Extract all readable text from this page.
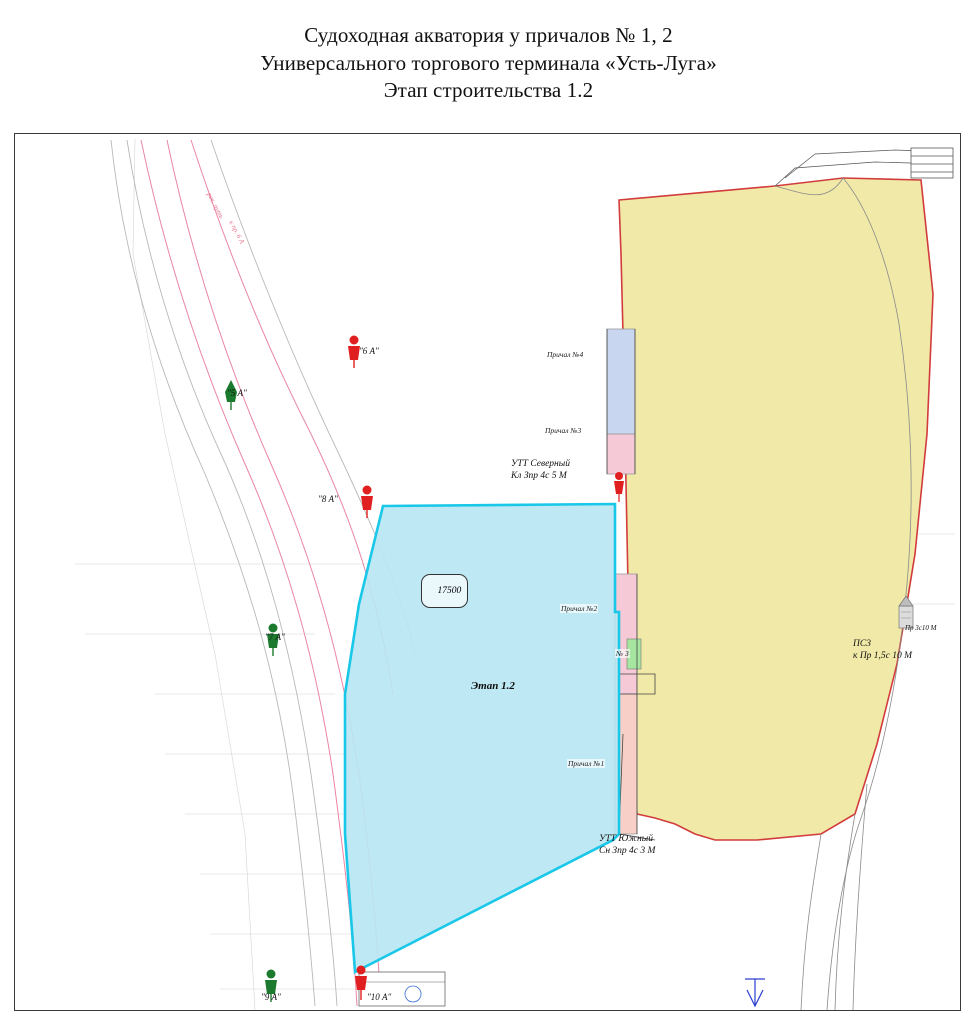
Судоходная акватория у причалов № 1, 2
Универсального торгового терминала «Усть-Луга»
Этап строительства 1.2
рек. путь
к пр. 6 А
"5 А"
"6 А"
"8 А"
"7 А"
"9 А"	"10 А"
Причал №4
Причал №3
Причал №2
№ 3
Причал №1
УТТ Северный
Кл Зпр 4с 5 М
УТТ Южный
Сн Зпр 4с 3 М
ПС3
к Пр 1,5с 10 М
Пр 3с10 М

17500

Этап 1.2
